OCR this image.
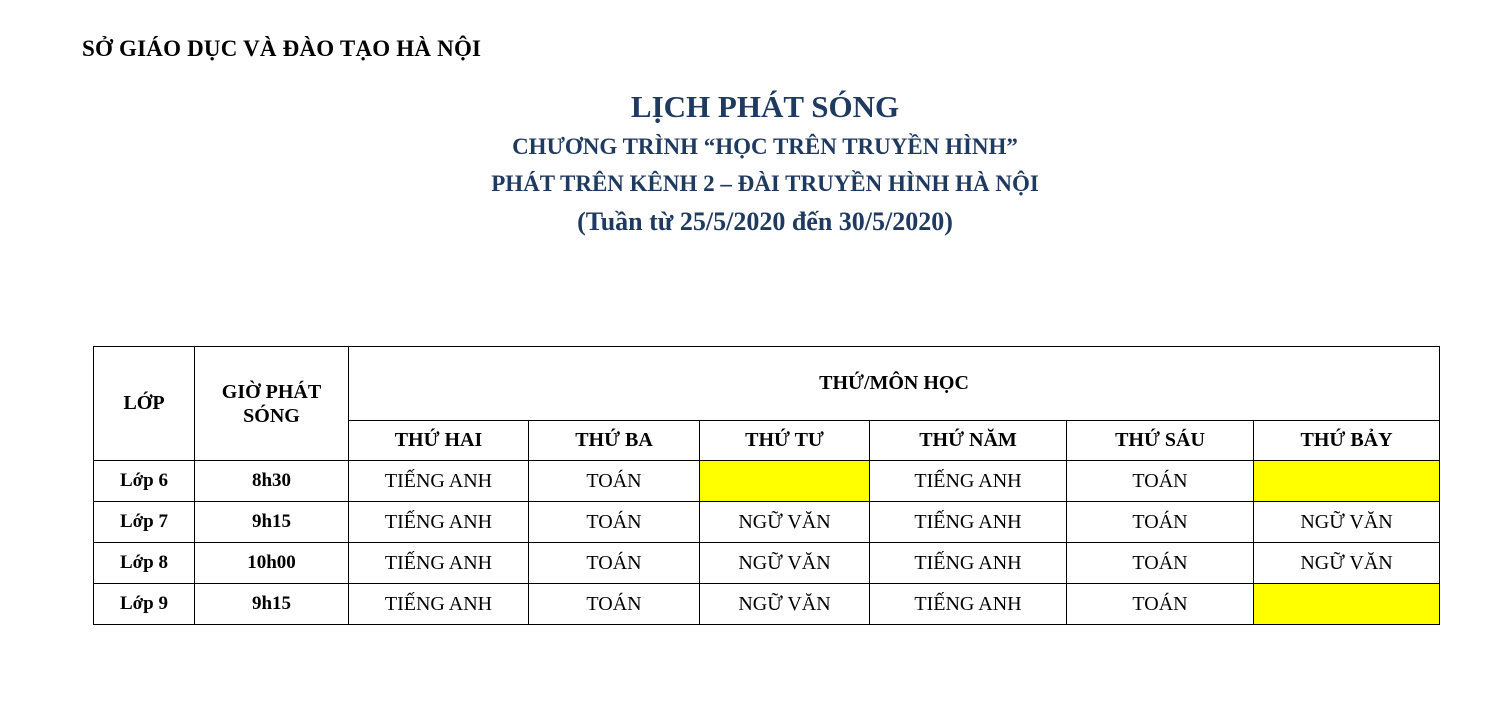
SỞ GIÁO DỤC VÀ ĐÀO TẠO HÀ NỘI
LỊCH PHÁT SÓNG
CHƯƠNG TRÌNH “HỌC TRÊN TRUYỀN HÌNH”
PHÁT TRÊN KÊNH 2 – ĐÀI TRUYỀN HÌNH HÀ NỘI
(Tuần từ 25/5/2020 đến 30/5/2020)
LỚP	GIỜ PHÁT SÓNG	THỨ/MÔN HỌC					
		THỨ HAI	THỨ BA	THỨ TƯ	THỨ NĂM	THỨ SÁU	THỨ BẢY
Lớp 6	8h30	TIẾNG ANH	TOÁN		TIẾNG ANH	TOÁN	
Lớp 7	9h15	TIẾNG ANH	TOÁN	NGỮ VĂN	TIẾNG ANH	TOÁN	NGỮ VĂN
Lớp 8	10h00	TIẾNG ANH	TOÁN	NGỮ VĂN	TIẾNG ANH	TOÁN	NGỮ VĂN
Lớp 9	9h15	TIẾNG ANH	TOÁN	NGỮ VĂN	TIẾNG ANH	TOÁN	
